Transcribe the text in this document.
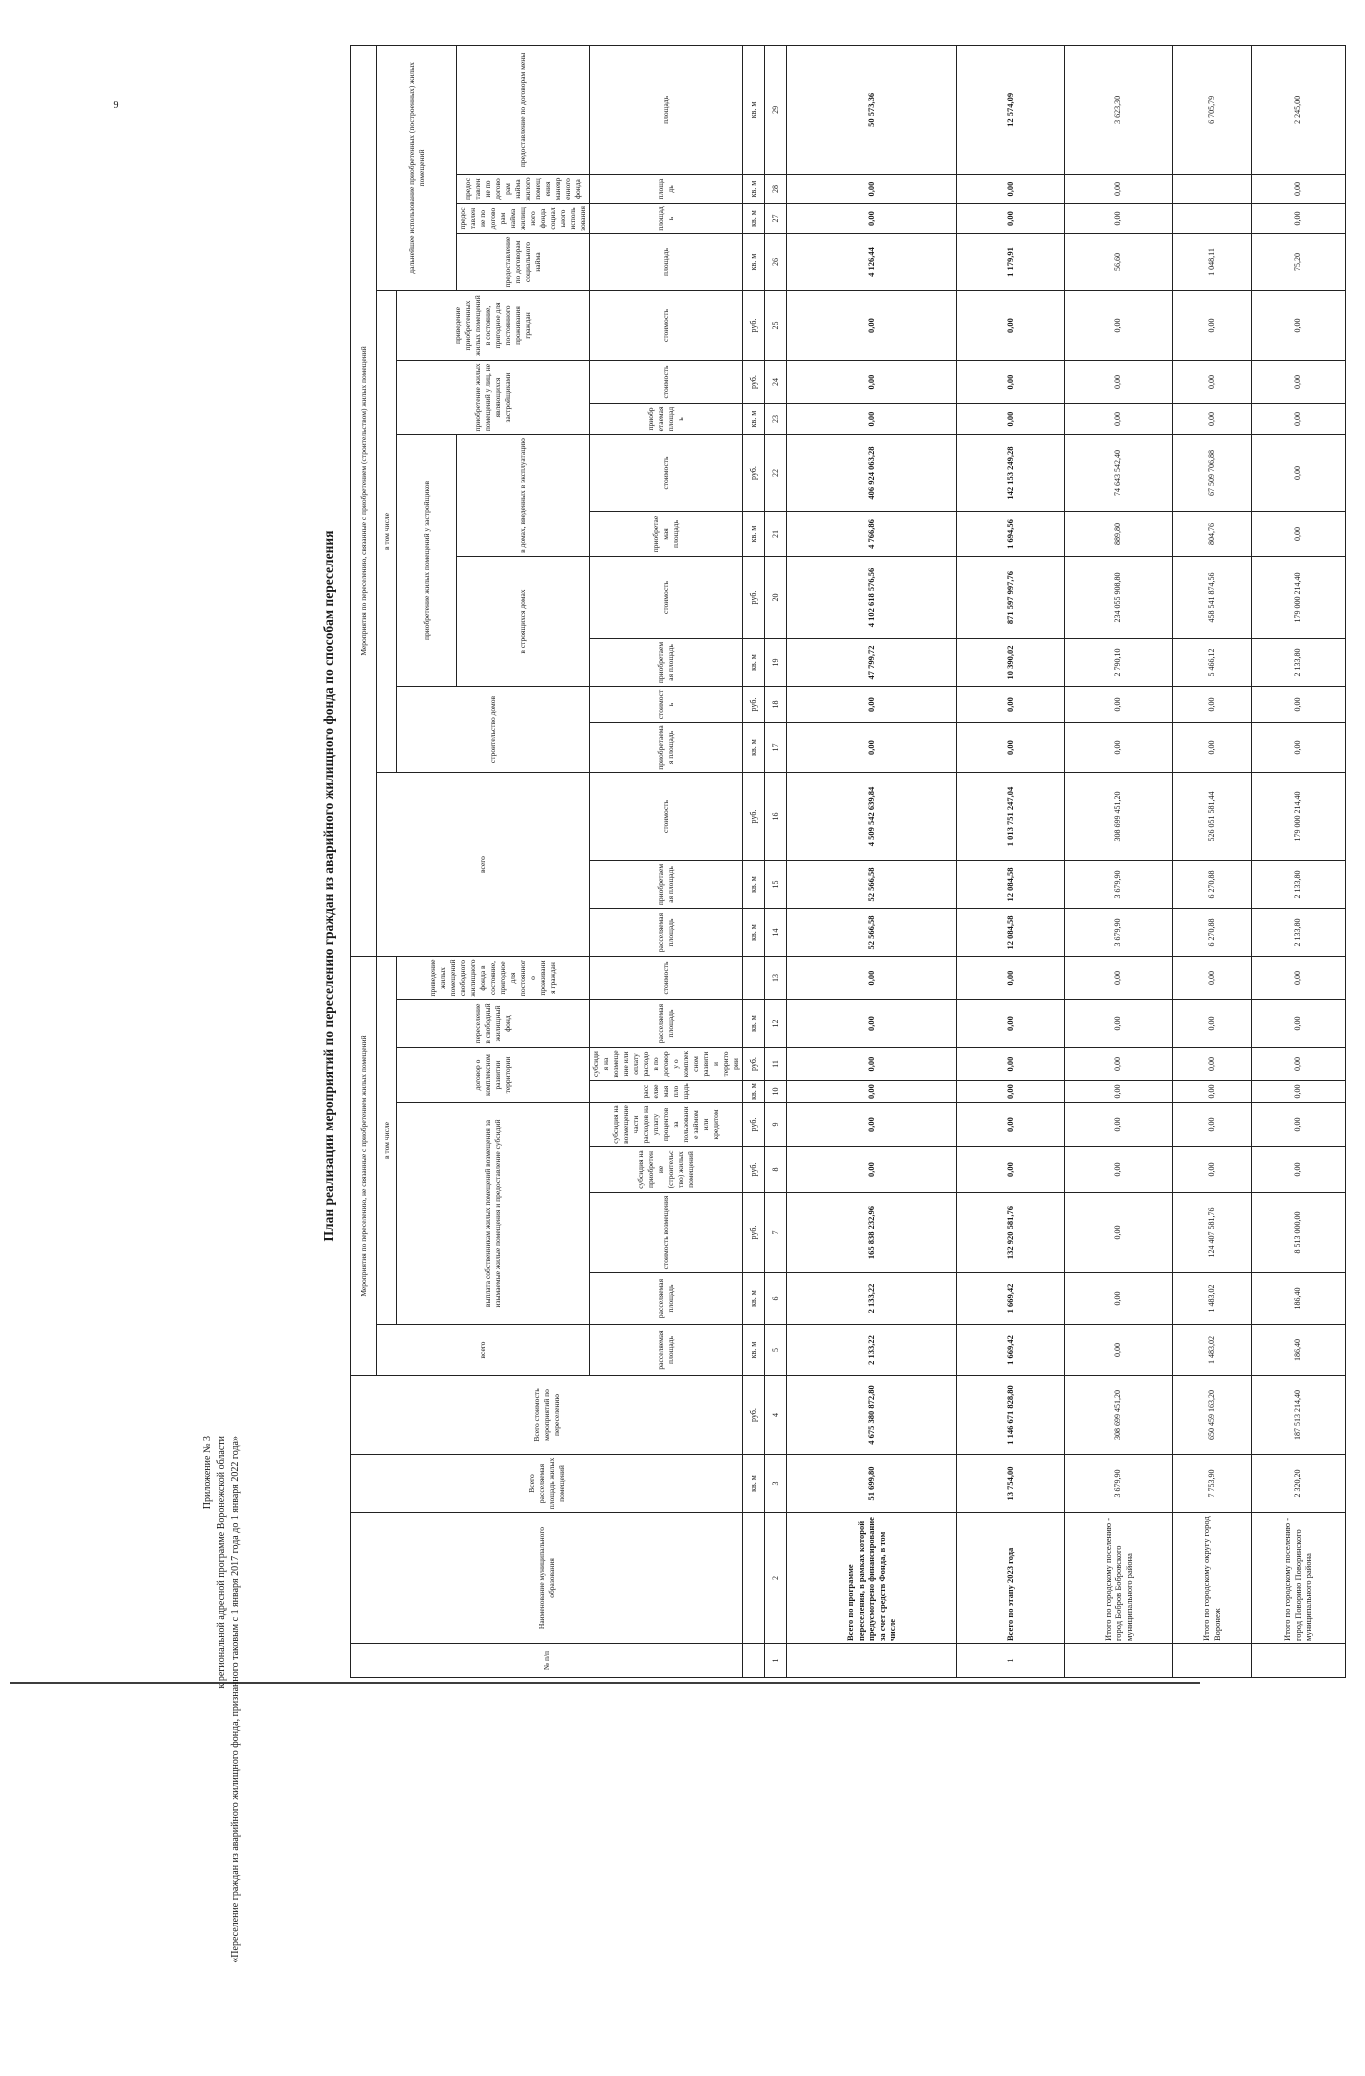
9
Приложение № 3 к региональной адресной программе Воронежской области «Переселение граждан из аварийного жилищного фонда, признанного таковым с 1 января 2017 года до 1 января 2022 года»
План реализации мероприятий по переселению граждан из аварийного жилищного фонда по способам переселения
№ п/п	Наименование муниципального образования	Всего расселяемая площадь жилых помещений	Всего стоимость мероприятий по переселению	Мероприятия по переселению, не связанные с приобретением жилых помещений									Мероприятия по переселению, связанные с приобретением (строительством) жилых помещений															
				всего	в том числе								всего			в том числе									дальнейшее использование приобретенных (построенных) жилых помещений			
					выплата собственникам жилых помещений возмещения за изымаемые жилые помещения и предоставление субсидий				договор о комплексном развитии территории		переселение в свободный жилищный фонд	приведение жилых помещений свободного жилищного фонда в состояние, пригодное для постоянного проживания граждан				строительство домов		приобретение жилых помещений у застройщиков				приобретение жилых помещений у лиц, не являющихся застройщиками		приведение приобретенных жилых помещений в состояние, пригодное для постоянного проживания граждан				
																		в строящихся домах		в домах, введенных в эксплуатацию					предоставление по договорам социального найма	предоставление по договорам найма жилищного фонда социального использования	предоставление по договорам найма жилого помещения маневренного фонда	предоставление по договорам мены

				расселяемая площадь	расселяемая площадь	стоимость возмещения	субсидия на приобретение (строительство) жилых помещений	субсидия на возмещение части расходов на уплату процентов за пользование займом или кредитом	расселяемая площадь	субсидия на возмещение или оплату расходов по договору о комплексном развитии территории	расселяемая площадь	стоимость	расселяемая площадь	приобретаемая площадь	стоимость	приобретаемая площадь	стоимость	приобретаемая площадь	стоимость	приобретаемая площадь	стоимость	приобретаемая площадь	стоимость	стоимость	площадь	площадь	площадь	площадь
		кв. м	руб.	кв. м	кв. м	руб.	руб.	руб.	кв. м	руб.	кв. м		кв. м	кв. м	руб.	кв. м	руб.	кв. м	руб.	кв. м	руб.	кв. м	руб.	руб.	кв. м	кв. м	кв. м	кв. м
1	2	3	4	5	6	7	8	9	10	11	12	13	14	15	16	17	18	19	20	21	22	23	24	25	26	27	28	29
	Всего по программе переселения, в рамках которой предусмотрено финансирование за счет средств Фонда, в том числе	51 699,80	4 675 380 872,80	2 133,22	2 133,22	165 838 232,96	0,00	0,00	0,00	0,00	0,00	0,00	52 566,58	52 566,58	4 509 542 639,84	0,00	0,00	47 799,72	4 102 618 576,56	4 766,86	406 924 063,28	0,00	0,00	0,00	4 126,44	0,00	0,00	50 573,36
1	Всего по этапу 2023 года	13 754,00	1 146 671 828,80	1 669,42	1 669,42	132 920 581,76	0,00	0,00	0,00	0,00	0,00	0,00	12 084,58	12 084,58	1 013 751 247,04	0,00	0,00	10 390,02	871 597 997,76	1 694,56	142 153 249,28	0,00	0,00	0,00	1 179,91	0,00	0,00	12 574,09
	Итого по городскому поселению - город Бобров Бобровского муниципального района	3 679,90	308 699 451,20	0,00	0,00	0,00	0,00	0,00	0,00	0,00	0,00	0,00	3 679,90	3 679,90	308 699 451,20	0,00	0,00	2 790,10	234 055 908,80	889,80	74 643 542,40	0,00	0,00	0,00	56,60	0,00	0,00	3 623,30
	Итого по городскому округу город Воронеж	7 753,90	650 459 163,20	1 483,02	1 483,02	124 407 581,76	0,00	0,00	0,00	0,00	0,00	0,00	6 270,88	6 270,88	526 051 581,44	0,00	0,00	5 466,12	458 541 874,56	804,76	67 509 706,88	0,00	0,00	0,00	1 048,11			6 705,79
	Итого по городскому поселению - город Поворино Поворинского муниципального района	2 320,20	187 513 214,40	186,40	186,40	8 513 000,00	0,00	0,00	0,00	0,00	0,00	0,00	2 133,80	2 133,80	179 000 214,40	0,00	0,00	2 133,80	179 000 214,40	0,00	0,00	0,00	0,00	0,00	75,20	0,00	0,00	2 245,00
